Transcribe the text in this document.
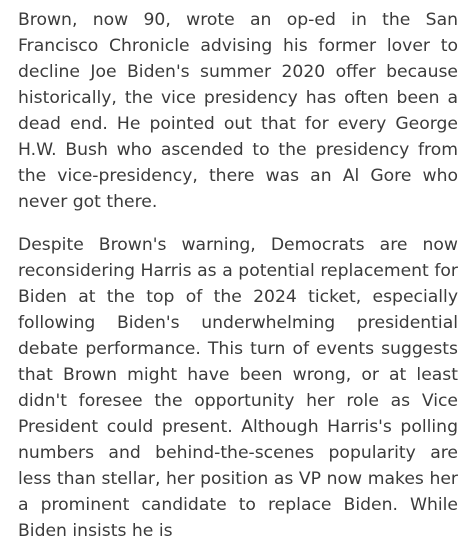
Brown, now 90, wrote an op-ed in the San Francisco Chronicle advising his former lover to decline Joe Biden's summer 2020 offer because historically, the vice presidency has often been a dead end. He pointed out that for every George H.W. Bush who ascended to the presidency from the vice-presidency, there was an Al Gore who never got there.

Despite Brown's warning, Democrats are now reconsidering Harris as a potential replacement for Biden at the top of the 2024 ticket, especially following Biden's underwhelming presidential debate performance. This turn of events suggests that Brown might have been wrong, or at least didn't foresee the opportunity her role as Vice President could present. Although Harris's polling numbers and behind-the-scenes popularity are less than stellar, her position as VP now makes her a prominent candidate to replace Biden. While Biden insists he is
